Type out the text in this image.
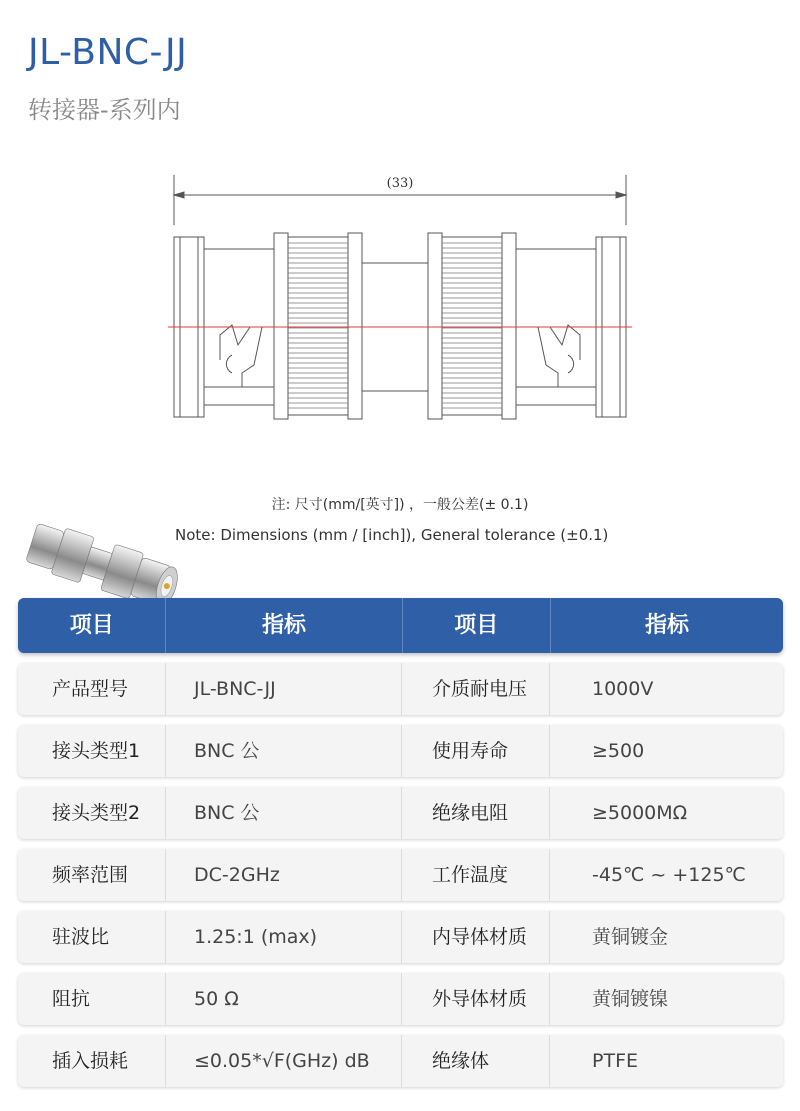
JL-BNC-JJ
转接器-系列内
(33)
注: 尺寸(mm/[英寸]) ，一般公差(± 0.1)
Note: Dimensions (mm / [inch]), General tolerance (±0.1)
项目	指标	项目	指标
产品型号	JL-BNC-JJ	介质耐电压	1000V
接头类型1	BNC 公	使用寿命	≥500
接头类型2	BNC 公	绝缘电阻	≥5000MΩ
频率范围	DC-2GHz	工作温度	-45℃ ~ +125℃
驻波比	1.25:1 (max)	内导体材质	黄铜镀金
阻抗	50 Ω	外导体材质	黄铜镀镍
插入损耗	≤0.05*√F(GHz) dB	绝缘体	PTFE
